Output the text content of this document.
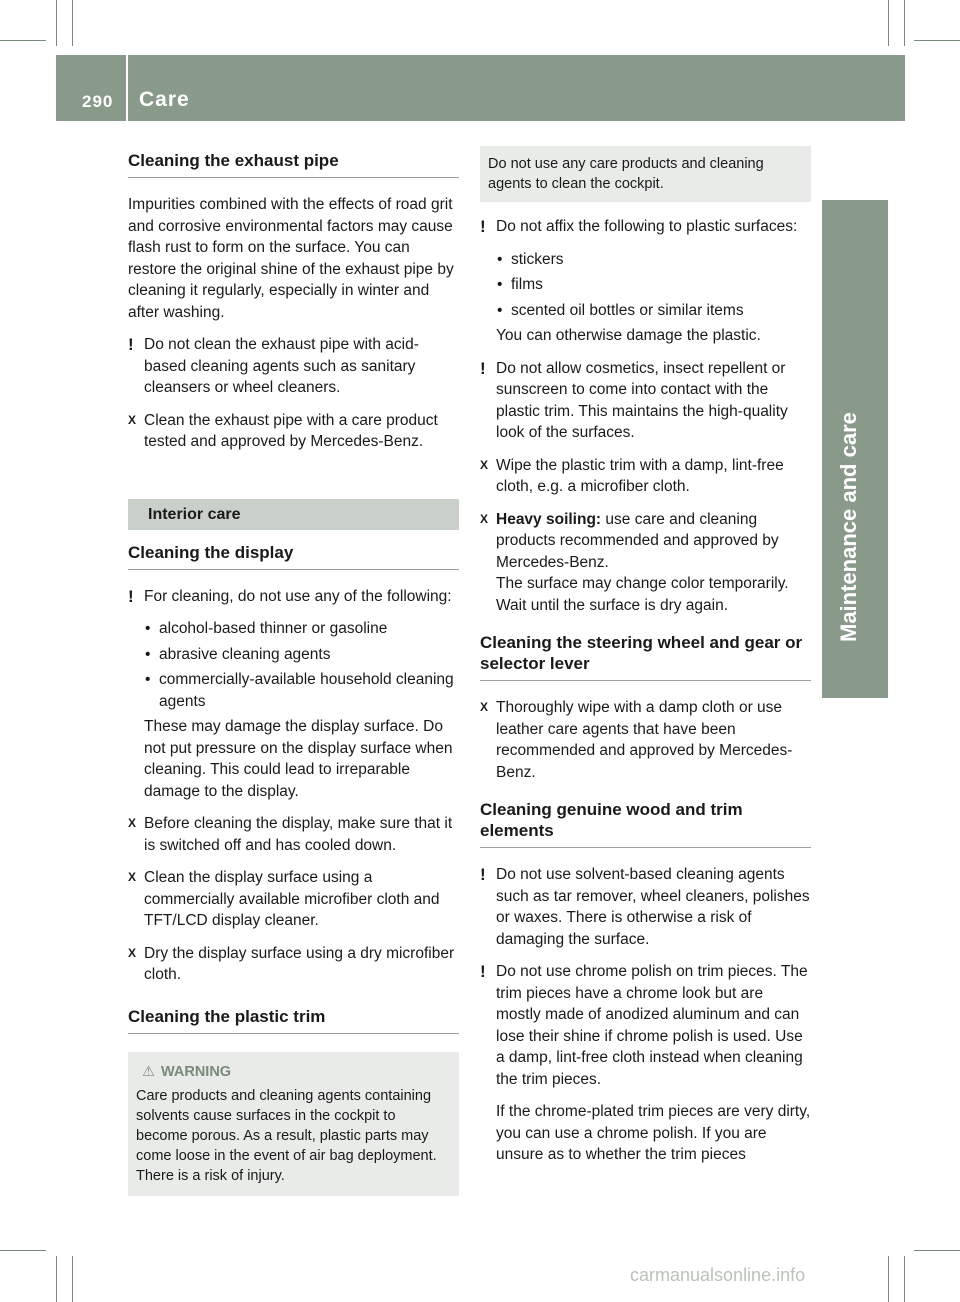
290 Care
Maintenance and care
Cleaning the exhaust pipe

Impurities combined with the effects of road grit and corrosive environmental factors may cause flash rust to form on the surface. You can restore the original shine of the exhaust pipe by cleaning it regularly, especially in winter and after washing.

! Do not clean the exhaust pipe with acid-based cleaning agents such as sanitary cleansers or wheel cleaners.
X Clean the exhaust pipe with a care product tested and approved by Mercedes-Benz.
Interior care
Cleaning the display
! For cleaning, do not use any of the following:
• alcohol-based thinner or gasoline
• abrasive cleaning agents
• commercially-available household cleaning agents

These may damage the display surface. Do not put pressure on the display surface when cleaning. This could lead to irreparable damage to the display.

X Before cleaning the display, make sure that it is switched off and has cooled down.
X Clean the display surface using a commercially available microfiber cloth and TFT/LCD display cleaner.
X Dry the display surface using a dry microfiber cloth.
Cleaning the plastic trim
⚠ WARNING
Care products and cleaning agents containing solvents cause surfaces in the cockpit to become porous. As a result, plastic parts may come loose in the event of air bag deployment. There is a risk of injury.
Do not use any care products and cleaning agents to clean the cockpit.
! Do not affix the following to plastic surfaces:
• stickers
• films
• scented oil bottles or similar items

You can otherwise damage the plastic.

! Do not allow cosmetics, insect repellent or sunscreen to come into contact with the plastic trim. This maintains the high-quality look of the surfaces.
X Wipe the plastic trim with a damp, lint-free cloth, e.g. a microfiber cloth.
X Heavy soiling: use care and cleaning products recommended and approved by Mercedes-Benz.
The surface may change color temporarily. Wait until the surface is dry again.
Cleaning the steering wheel and gear or selector lever
X Thoroughly wipe with a damp cloth or use leather care agents that have been recommended and approved by Mercedes-Benz.
Cleaning genuine wood and trim elements
! Do not use solvent-based cleaning agents such as tar remover, wheel cleaners, polishes or waxes. There is otherwise a risk of damaging the surface.
! Do not use chrome polish on trim pieces. The trim pieces have a chrome look but are mostly made of anodized aluminum and can lose their shine if chrome polish is used. Use a damp, lint-free cloth instead when cleaning the trim pieces.

If the chrome-plated trim pieces are very dirty, you can use a chrome polish. If you are unsure as to whether the trim pieces

carmanualsonline.info
